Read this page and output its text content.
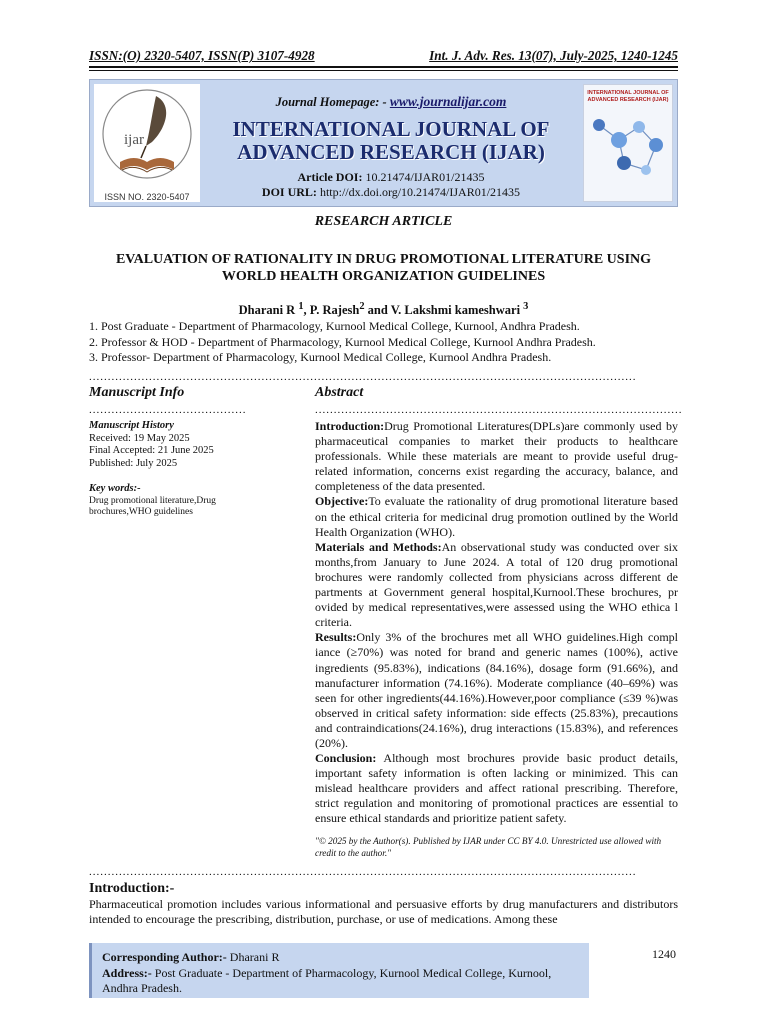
ISSN:(O) 2320-5407, ISSN(P) 3107-4928	Int. J. Adv. Res. 13(07), July-2025, 1240-1245
ijar
ISSN NO. 2320-5407
Journal Homepage: - www.journalijar.com
INTERNATIONAL JOURNAL OF
ADVANCED RESEARCH (IJAR)
Article DOI: 10.21474/IJAR01/21435
DOI URL: http://dx.doi.org/10.21474/IJAR01/21435
INTERNATIONAL JOURNAL OF ADVANCED RESEARCH (IJAR)
RESEARCH ARTICLE
EVALUATION OF RATIONALITY IN DRUG PROMOTIONAL LITERATURE USING
WORLD HEALTH ORGANIZATION GUIDELINES
Dharani R $^1$, P. Rajesh$^2$ and V. Lakshmi kameshwari $^3$
1. Post Graduate - Department of Pharmacology, Kurnool Medical College, Kurnool, Andhra Pradesh.
2. Professor & HOD - Department of Pharmacology, Kurnool Medical College, Kurnool Andhra Pradesh.
3. Professor- Department of Pharmacology, Kurnool Medical College, Kurnool Andhra Pradesh.
..................................................................................................................................................
Manuscript Info	Abstract
..........................................	..................................................................................................
Manuscript History
Received: 19 May 2025
Final Accepted: 21 June 2025
Published: July 2025
Key words:-
Drug promotional literature,Drug brochures,WHO guidelines

Introduction:Drug Promotional Literatures(DPLs)are commonly used by pharmaceutical companies to market their products to healthcare professionals. While these materials are meant to provide useful drug-related information, concerns exist regarding the accuracy, balance, and completeness of the data presented.

Objective:To evaluate the rationality of drug promotional literature based on the ethical criteria for medicinal drug promotion outlined by the World Health Organization (WHO).

Materials and Methods:An observational study was conducted over six months,from January to June 2024. A total of 120 drug promotional brochures were randomly collected from physicians across different de partments at Government general hospital,Kurnool.These brochures, pr ovided by medical representatives,were assessed using the WHO ethica l criteria.

Results:Only 3% of the brochures met all WHO guidelines.High compl iance (≥70%) was noted for brand and generic names (100%), active ingredients (95.83%), indications (84.16%), dosage form (91.66%), and manufacturer information (74.16%). Moderate compliance (40–69%) was seen for other ingredients(44.16%).However,poor compliance (≤39 %)was observed in critical safety information: side effects (25.83%), precautions and contraindications(24.16%), drug interactions (15.83%), and references (20%).

Conclusion: Although most brochures provide basic product details, important safety information is often lacking or minimized. This can mislead healthcare providers and affect rational prescribing. Therefore, strict regulation and monitoring of promotional practices are essential to ensure ethical standards and prioritize patient safety.

"© 2025 by the Author(s). Published by IJAR under CC BY 4.0. Unrestricted use allowed with credit to the author."
..................................................................................................................................................
Introduction:-
Pharmaceutical promotion includes various informational and persuasive efforts by drug manufacturers and distributors intended to encourage the prescribing, distribution, purchase, or use of medications. Among these
Corresponding Author:- Dharani R
Address:- Post Graduate - Department of Pharmacology, Kurnool Medical College, Kurnool, Andhra Pradesh.
1240
